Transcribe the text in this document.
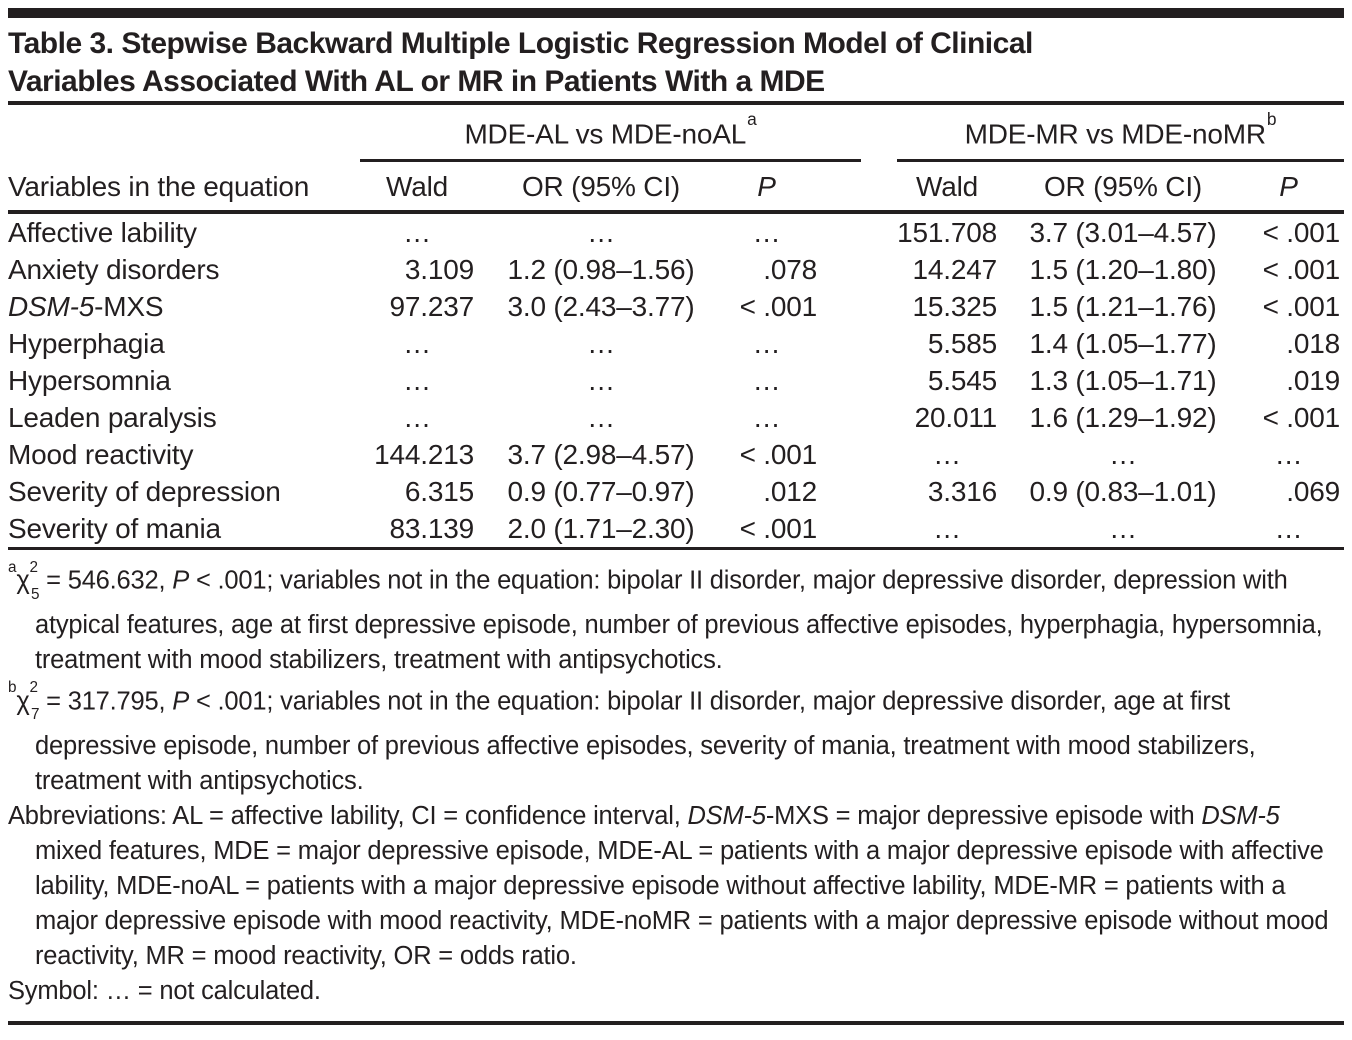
Table 3. Stepwise Backward Multiple Logistic Regression Model of Clinical
Variables Associated With AL or MR in Patients With a MDE
Variables in the equation	MDE-AL vs MDE-noAL$^a$				MDE-MR vs MDE-noMR$^b$
	Wald	OR (95% CI)	P		Wald	OR (95% CI)	P
Affective lability	…	…	…		151.708	3.7 (3.01–4.57)	< .001
Anxiety disorders	3.109	1.2 (0.98–1.56)	.078		14.247	1.5 (1.20–1.80)	< .001
DSM-5-MXS	97.237	3.0 (2.43–3.77)	< .001		15.325	1.5 (1.21–1.76)	< .001
Hyperphagia	…	…	…		5.585	1.4 (1.05–1.77)	.018
Hypersomnia	…	…	…		5.545	1.3 (1.05–1.71)	.019
Leaden paralysis	…	…	…		20.011	1.6 (1.29–1.92)	< .001
Mood reactivity	144.213	3.7 (2.98–4.57)	< .001		…	…	…
Severity of depression	6.315	0.9 (0.77–0.97)	.012		3.316	0.9 (0.83–1.01)	.069
Severity of mania	83.139	2.0 (1.71–2.30)	< .001		…	…	…

$^a\chi^2_5 = 546.632$, P < .001; variables not in the equation: bipolar II disorder, major depressive disorder, depression with atypical features, age at first depressive episode, number of previous affective episodes, hyperphagia, hypersomnia, treatment with mood stabilizers, treatment with antipsychotics.

$^b\chi^2_7 = 317.795$, P < .001; variables not in the equation: bipolar II disorder, major depressive disorder, age at first depressive episode, number of previous affective episodes, severity of mania, treatment with mood stabilizers, treatment with antipsychotics.

Abbreviations: AL = affective lability, CI = confidence interval, DSM-5-MXS = major depressive episode with DSM-5 mixed features, MDE = major depressive episode, MDE-AL = patients with a major depressive episode with affective lability, MDE-noAL = patients with a major depressive episode without affective lability, MDE-MR = patients with a major depressive episode with mood reactivity, MDE-noMR = patients with a major depressive episode without mood reactivity, MR = mood reactivity, OR = odds ratio.

Symbol: … = not calculated.
